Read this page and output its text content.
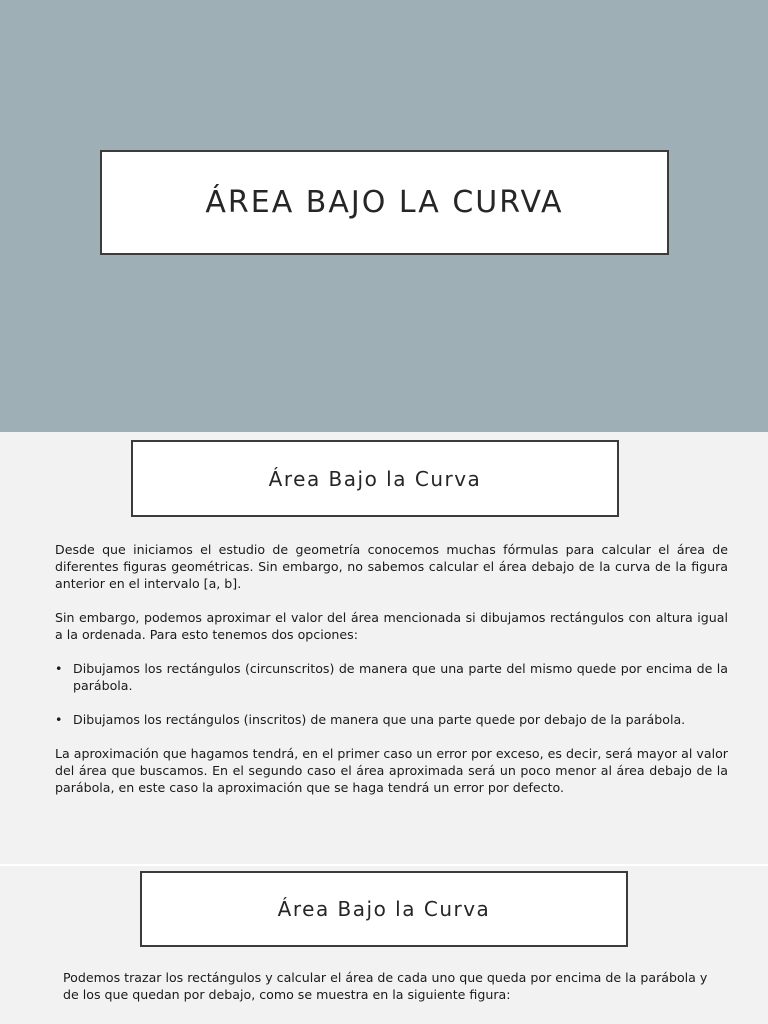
ÁREA BAJO LA CURVA
Área Bajo la Curva

Desde que iniciamos el estudio de geometría conocemos muchas fórmulas para calcular el área de diferentes figuras geométricas. Sin embargo, no sabemos calcular el área debajo de la curva de la figura anterior en el intervalo [a, b].

Sin embargo, podemos aproximar el valor del área mencionada si dibujamos rectángulos con altura igual a la ordenada. Para esto tenemos dos opciones:

• Dibujamos los rectángulos (circunscritos) de manera que una parte del mismo quede por encima de la parábola.
• Dibujamos los rectángulos (inscritos) de manera que una parte quede por debajo de la parábola.

La aproximación que hagamos tendrá, en el primer caso un error por exceso, es decir, será mayor al valor del área que buscamos. En el segundo caso el área aproximada será un poco menor al área debajo de la parábola, en este caso la aproximación que se haga tendrá un error por defecto.

Área Bajo la Curva

Podemos trazar los rectángulos y calcular el área de cada uno que queda por encima de la parábola y de los que quedan por debajo, como se muestra en la siguiente figura:
